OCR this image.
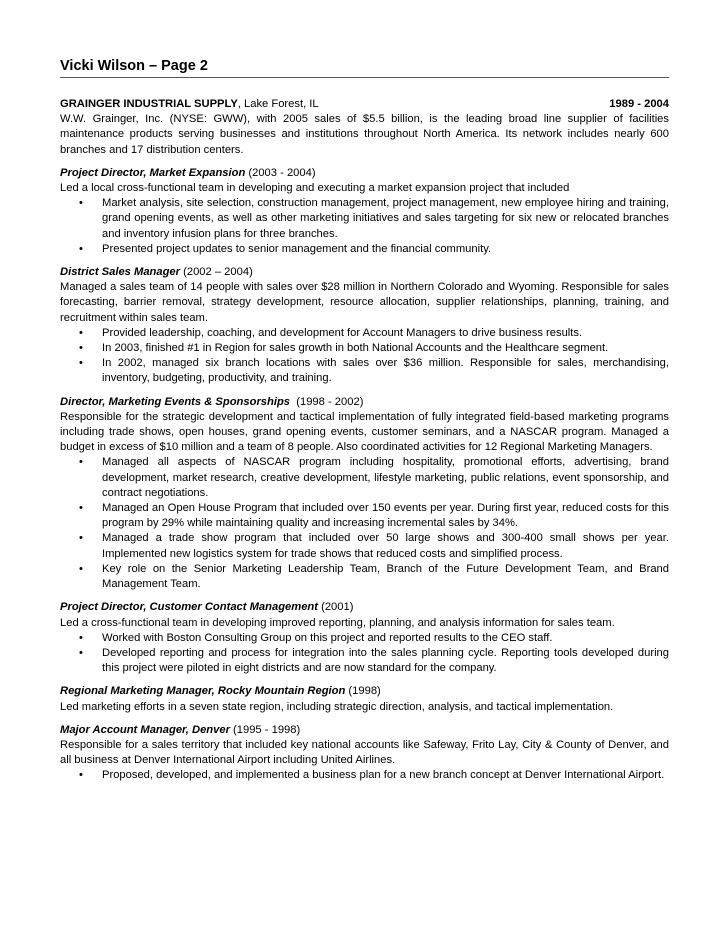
Vicki Wilson – Page 2
GRAINGER INDUSTRIAL SUPPLY, Lake Forest, IL	1989 - 2004
W.W. Grainger, Inc. (NYSE: GWW), with 2005 sales of $5.5 billion, is the leading broad line supplier of facilities maintenance products serving businesses and institutions throughout North America. Its network includes nearly 600 branches and 17 distribution centers.
Project Director, Market Expansion (2003 - 2004)
Led a local cross-functional team in developing and executing a market expansion project that included
• Market analysis, site selection, construction management, project management, new employee hiring and training, grand opening events, as well as other marketing initiatives and sales targeting for six new or relocated branches and inventory infusion plans for three branches.
• Presented project updates to senior management and the financial community.
District Sales Manager (2002 – 2004)
Managed a sales team of 14 people with sales over $28 million in Northern Colorado and Wyoming. Responsible for sales forecasting, barrier removal, strategy development, resource allocation, supplier relationships, planning, training, and recruitment within sales team.
• Provided leadership, coaching, and development for Account Managers to drive business results.
• In 2003, finished #1 in Region for sales growth in both National Accounts and the Healthcare segment.
• In 2002, managed six branch locations with sales over $36 million. Responsible for sales, merchandising, inventory, budgeting, productivity, and training.
Director, Marketing Events & Sponsorships  (1998 - 2002)
Responsible for the strategic development and tactical implementation of fully integrated field-based marketing programs including trade shows, open houses, grand opening events, customer seminars, and a NASCAR program. Managed a budget in excess of $10 million and a team of 8 people. Also coordinated activities for 12 Regional Marketing Managers.
• Managed all aspects of NASCAR program including hospitality, promotional efforts, advertising, brand development, market research, creative development, lifestyle marketing, public relations, event sponsorship, and contract negotiations.
• Managed an Open House Program that included over 150 events per year. During first year, reduced costs for this program by 29% while maintaining quality and increasing incremental sales by 34%.
• Managed a trade show program that included over 50 large shows and 300-400 small shows per year. Implemented new logistics system for trade shows that reduced costs and simplified process.
• Key role on the Senior Marketing Leadership Team, Branch of the Future Development Team, and Brand Management Team.
Project Director, Customer Contact Management (2001)
Led a cross-functional team in developing improved reporting, planning, and analysis information for sales team.
• Worked with Boston Consulting Group on this project and reported results to the CEO staff.
• Developed reporting and process for integration into the sales planning cycle. Reporting tools developed during this project were piloted in eight districts and are now standard for the company.
Regional Marketing Manager, Rocky Mountain Region (1998)
Led marketing efforts in a seven state region, including strategic direction, analysis, and tactical implementation.
Major Account Manager, Denver (1995 - 1998)
Responsible for a sales territory that included key national accounts like Safeway, Frito Lay, City & County of Denver, and all business at Denver International Airport including United Airlines.
• Proposed, developed, and implemented a business plan for a new branch concept at Denver International Airport.
